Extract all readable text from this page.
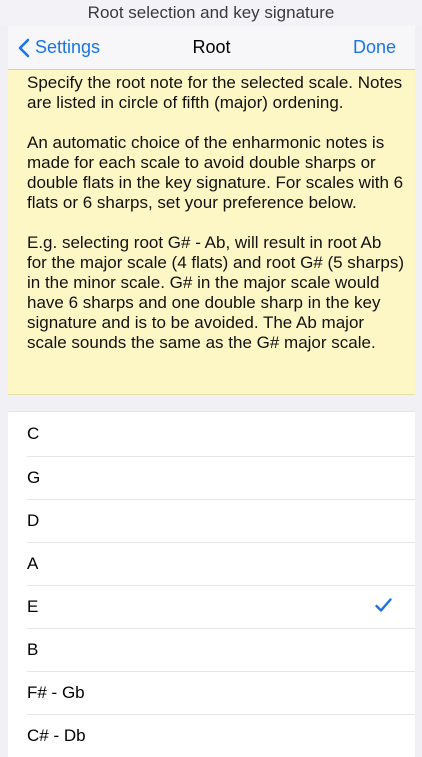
Root selection and key signature
Settings	Root	Done

Specify the root note for the selected scale. Notes are listed in circle of fifth (major) ordening.

An automatic choice of the enharmonic notes is made for each scale to avoid double sharps or double flats in the key signature. For scales with 6 flats or 6 sharps, set your preference below.

E.g. selecting root G# - Ab, will result in root Ab for the major scale (4 flats) and root G# (5 sharps) in the minor scale. G# in the major scale would have 6 sharps and one double sharp in the key signature and is to be avoided. The Ab major scale sounds the same as the G# major scale.

C
G
D
A
E
B
F# - Gb
C# - Db
